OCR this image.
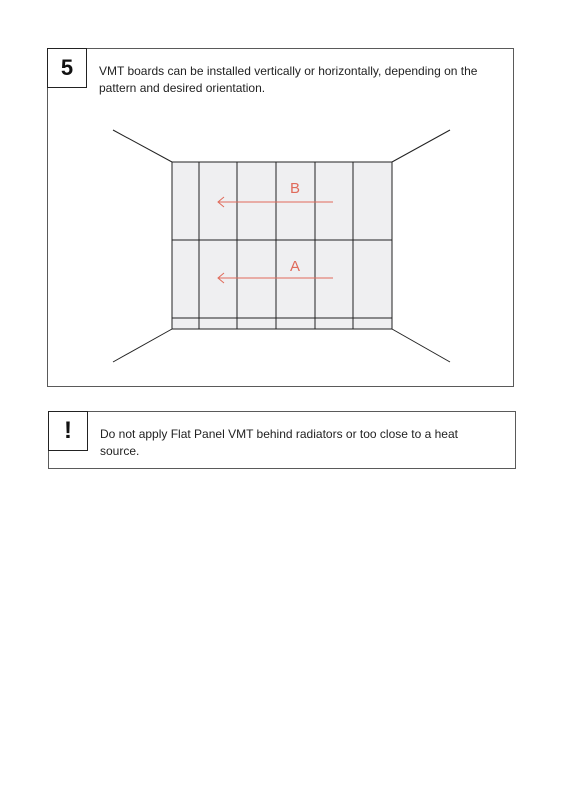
B
A
5 VMT boards can be installed vertically or horizontally, depending on the pattern and desired orientation.
! Do not apply Flat Panel VMT behind radiators or too close to a heat source.
